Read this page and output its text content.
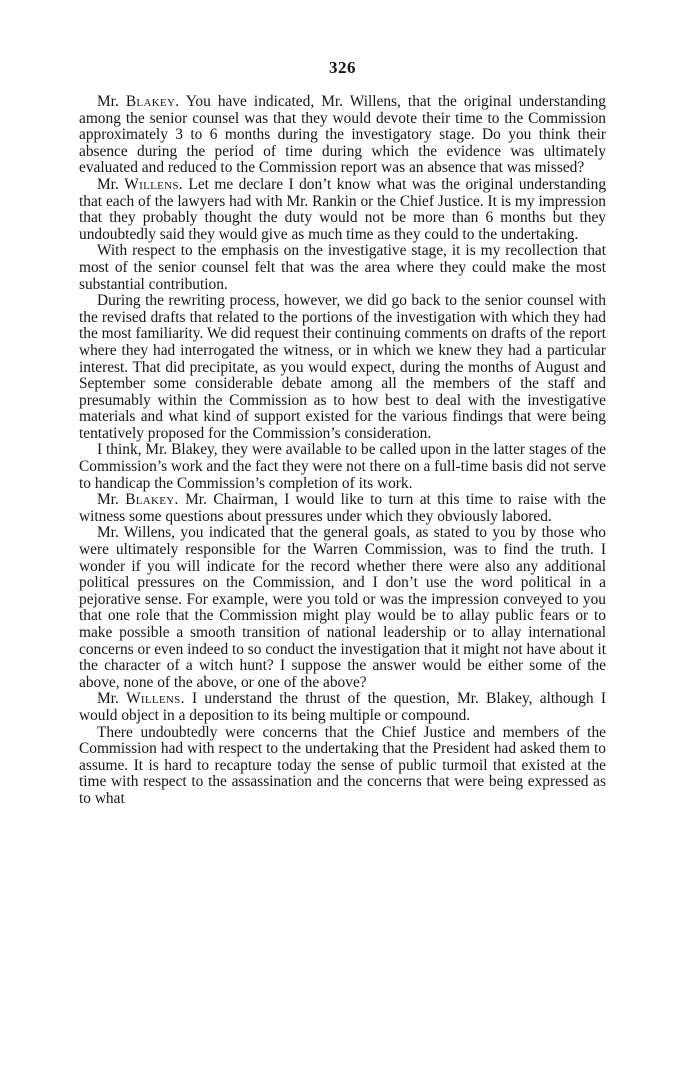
326

Mr. Blakey. You have indicated, Mr. Willens, that the original understanding among the senior counsel was that they would devote their time to the Commission approximately 3 to 6 months during the investigatory stage. Do you think their absence during the period of time during which the evidence was ultimately evaluated and reduced to the Commission report was an absence that was missed?

Mr. Willens. Let me declare I don’t know what was the original understanding that each of the lawyers had with Mr. Rankin or the Chief Justice. It is my impression that they probably thought the duty would not be more than 6 months but they undoubtedly said they would give as much time as they could to the undertaking.

With respect to the emphasis on the investigative stage, it is my recollection that most of the senior counsel felt that was the area where they could make the most substantial contribution.

During the rewriting process, however, we did go back to the senior counsel with the revised drafts that related to the portions of the investigation with which they had the most familiarity. We did request their continuing comments on drafts of the report where they had interrogated the witness, or in which we knew they had a particular interest. That did precipitate, as you would expect, during the months of August and September some considerable debate among all the members of the staff and presumably within the Commission as to how best to deal with the investigative materials and what kind of support existed for the various findings that were being tentatively proposed for the Commission’s consideration.

I think, Mr. Blakey, they were available to be called upon in the latter stages of the Commission’s work and the fact they were not there on a full-time basis did not serve to handicap the Commission’s completion of its work.

Mr. Blakey. Mr. Chairman, I would like to turn at this time to raise with the witness some questions about pressures under which they obviously labored.

Mr. Willens, you indicated that the general goals, as stated to you by those who were ultimately responsible for the Warren Commission, was to find the truth. I wonder if you will indicate for the record whether there were also any additional political pressures on the Commission, and I don’t use the word political in a pejorative sense. For example, were you told or was the impression conveyed to you that one role that the Commission might play would be to allay public fears or to make possible a smooth transition of national leadership or to allay international concerns or even indeed to so conduct the investigation that it might not have about it the character of a witch hunt? I suppose the answer would be either some of the above, none of the above, or one of the above?

Mr. Willens. I understand the thrust of the question, Mr. Blakey, although I would object in a deposition to its being multiple or compound.

There undoubtedly were concerns that the Chief Justice and members of the Commission had with respect to the undertaking that the President had asked them to assume. It is hard to recapture today the sense of public turmoil that existed at the time with respect to the assassination and the concerns that were being expressed as to what
